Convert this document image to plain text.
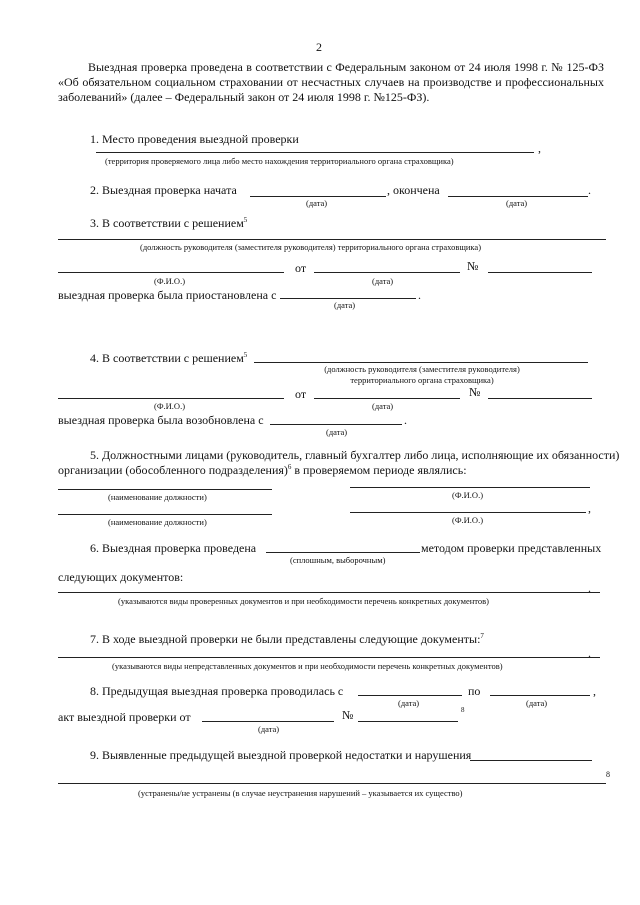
2
Выездная проверка проведена в соответствии с Федеральным законом от 24 июля 1998 г. № 125-ФЗ «Об обязательном социальном страховании от несчастных случаев на производстве и профессиональных заболеваний» (далее – Федеральный закон от 24 июля 1998 г. №125-ФЗ).
1. Место проведения выездной проверки
,
(территория проверяемого лица либо место нахождения территориального органа страховщика)
2. Выездная проверка начата	, окончена	.
(дата)	(дата)
3. В соответствии с решением$^5$
(должность руководителя (заместителя руководителя) территориального органа страховщика)
от	№
(Ф.И.О.)	(дата)
выездная проверка была приостановлена с	.
(дата)
4. В соответствии с решением$^5$
(должность руководителя (заместителя руководителя)
территориального органа страховщика)
от	№
(Ф.И.О.)	(дата)
выездная проверка была возобновлена с	.
(дата)
5. Должностными лицами (руководитель, главный бухгалтер либо лица, исполняющие их обязанности)
организации (обособленного подразделения)$^6$ в проверяемом периоде являлись:
(наименование должности)	(Ф.И.О.)
,
(наименование должности)	(Ф.И.О.)
6. Выездная проверка проведена	методом проверки представленных
(сплошным, выборочным)
следующих документов:
.
(указываются виды проверенных документов и при необходимости перечень конкретных документов)
7. В ходе выездной проверки не были представлены следующие документы:$^7$
.
(указываются виды непредставленных документов и при необходимости перечень конкретных документов)
8. Предыдущая выездная проверка проводилась с	по	,
(дата)	(дата)
акт выездной проверки от	№	8
(дата)
9. Выявленные предыдущей выездной проверкой недостатки и нарушения
8
(устранены/не устранены (в случае неустранения нарушений – указывается их существо)
